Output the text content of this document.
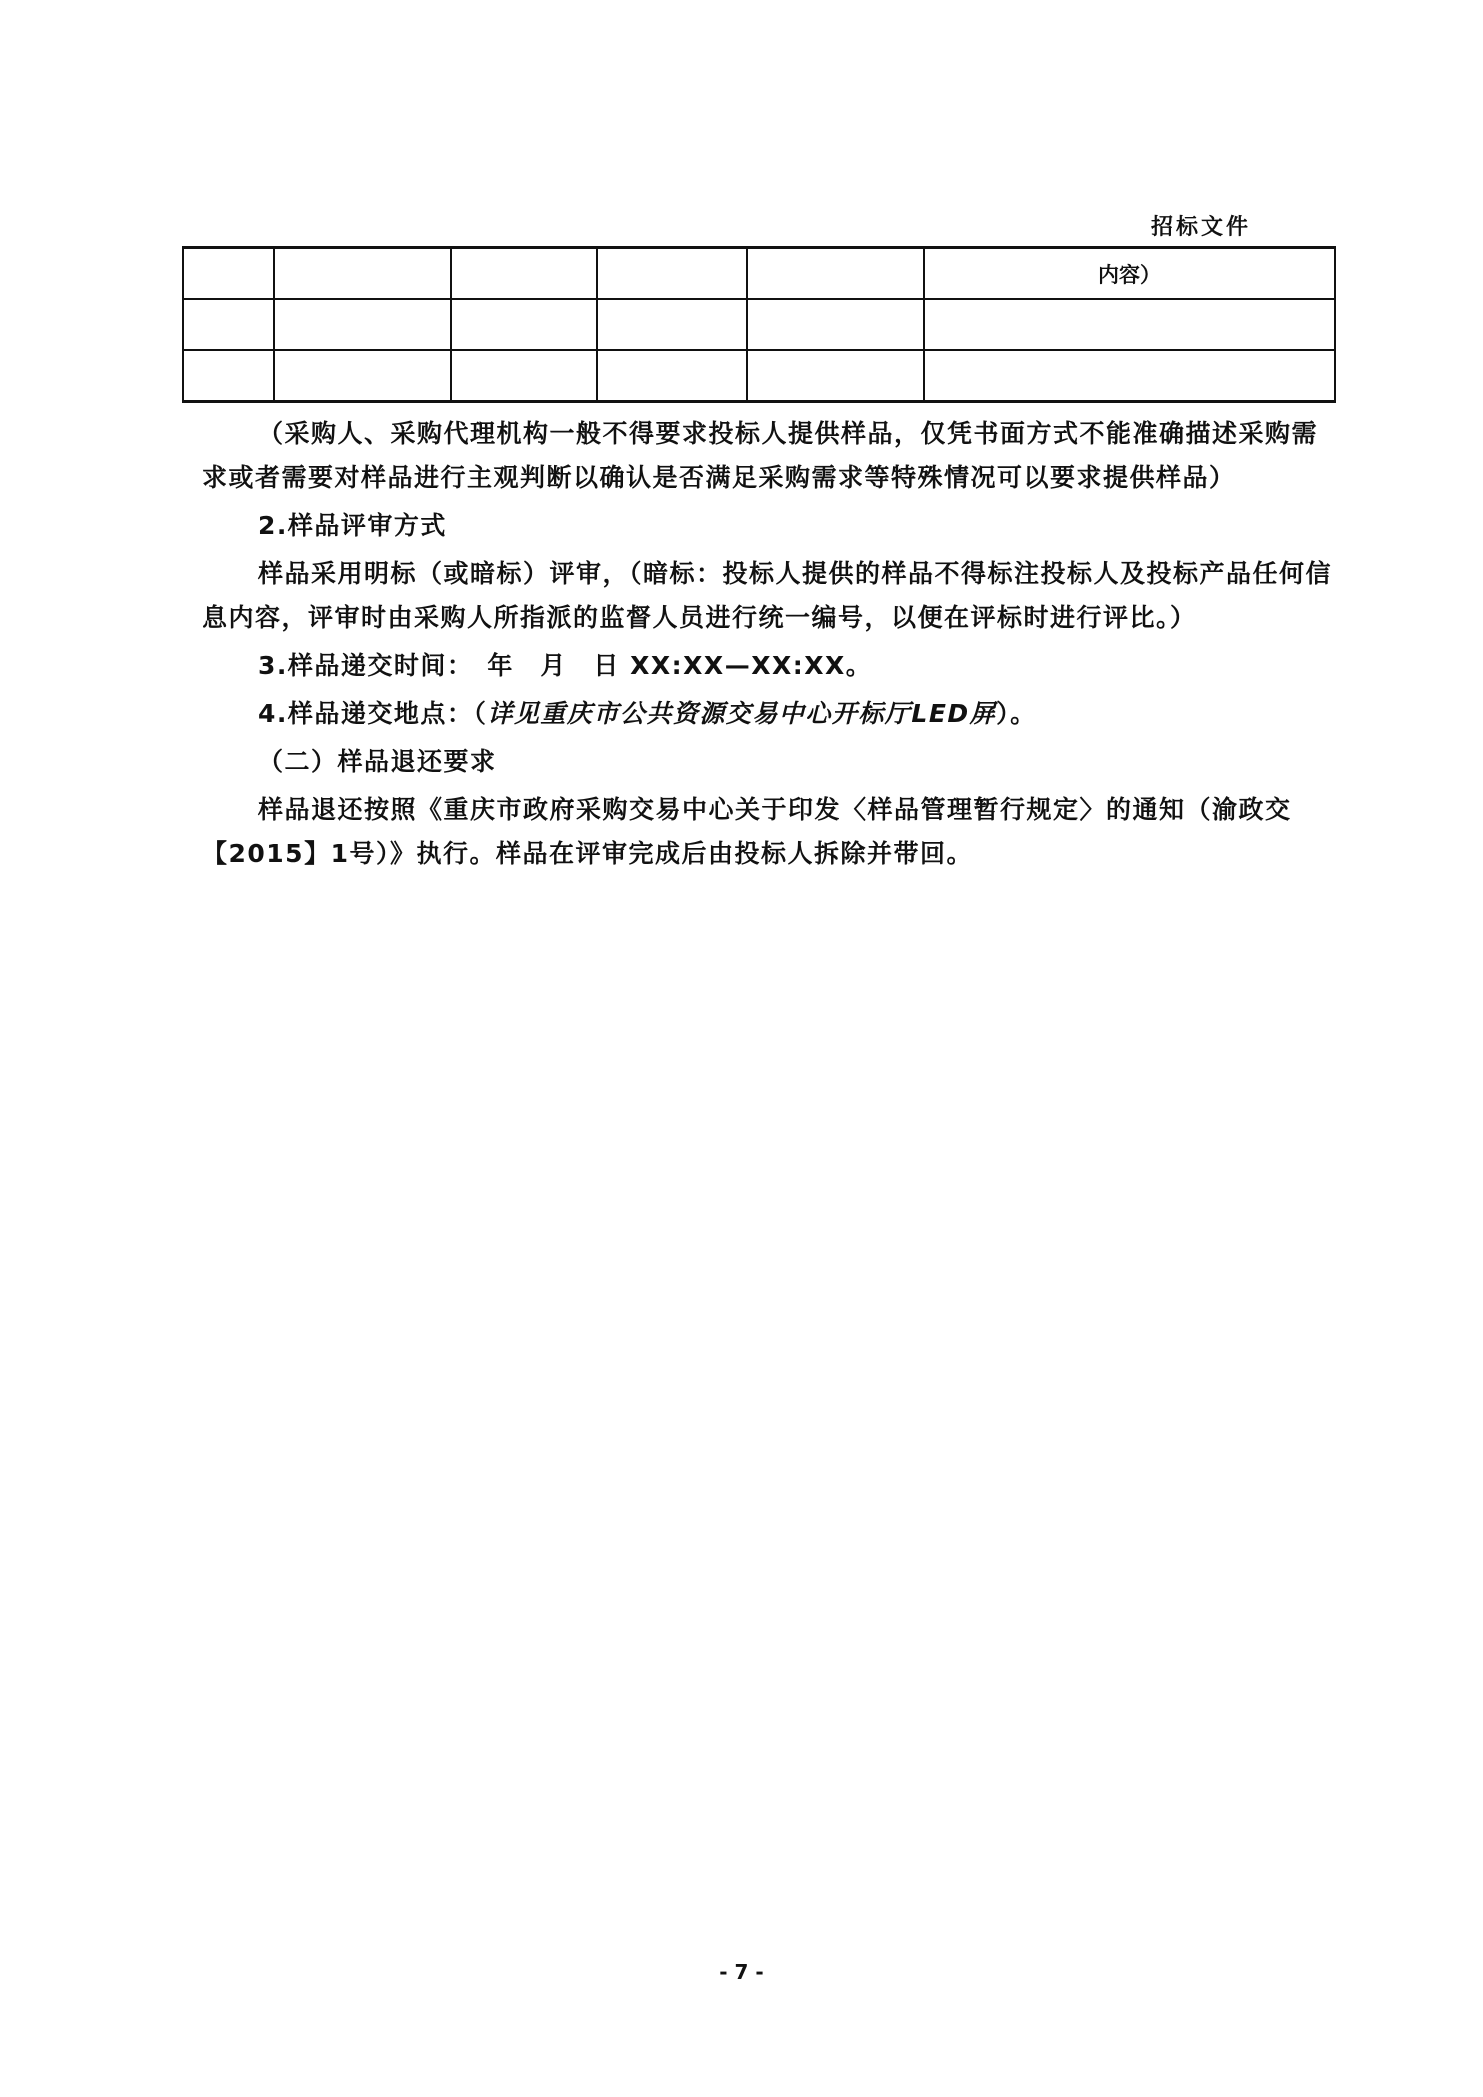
招标文件
					内容）

（采购人、采购代理机构一般不得要求投标人提供样品，仅凭书面方式不能准确描述采购需求或者需要对样品进行主观判断以确认是否满足采购需求等特殊情况可以要求提供样品）

2.样品评审方式

样品采用明标（或暗标）评审，（暗标：投标人提供的样品不得标注投标人及投标产品任何信息内容，评审时由采购人所指派的监督人员进行统一编号，以便在评标时进行评比。）

3.样品递交时间：　年　月　日 XX:XX—XX:XX。

4.样品递交地点：（详见重庆市公共资源交易中心开标厅LED屏）。

（二）样品退还要求

样品退还按照《重庆市政府采购交易中心关于印发〈样品管理暂行规定〉的通知（渝政交【2015】1号）》执行。样品在评审完成后由投标人拆除并带回。

- 7 -
